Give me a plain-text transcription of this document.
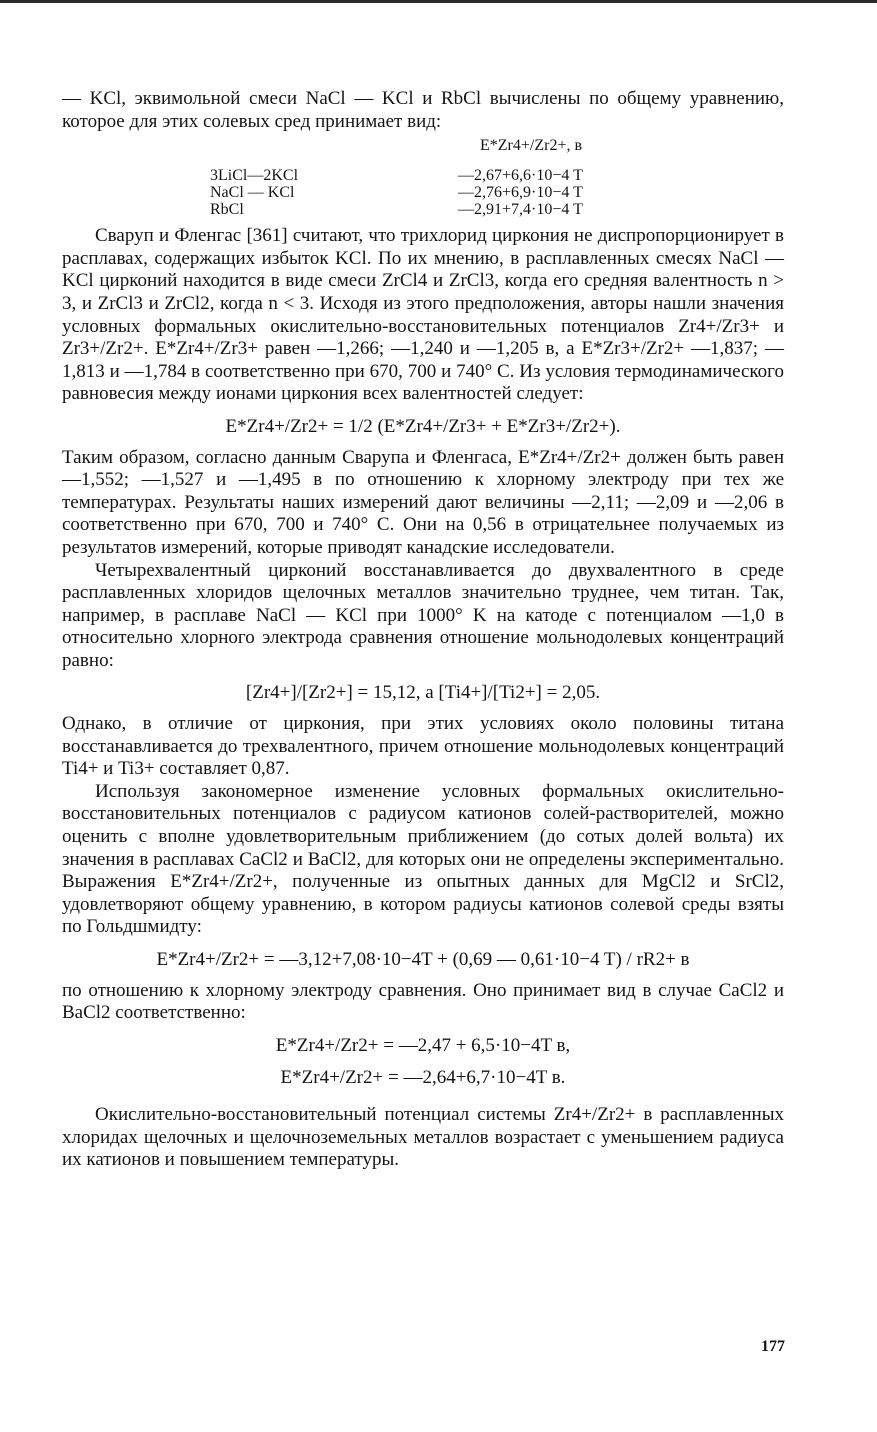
— KCl, эквимольной смеси NaCl — KCl и RbCl вычислены по общему уравнению, которое для этих солевых сред принимает вид:

E*Zr4+/Zr2+, в
3LiCl—2KCl	—2,67+6,6·10−4 T
NaCl — KCl	—2,76+6,9·10−4 T
RbCl	—2,91+7,4·10−4 T

Сваруп и Фленгас [361] считают, что трихлорид циркония не диспропорционирует в расплавах, содержащих избыток KCl. По их мнению, в расплавленных смесях NaCl — KCl цирконий находится в виде смеси ZrCl4 и ZrCl3, когда его средняя валентность n > 3, и ZrCl3 и ZrCl2, когда n < 3. Исходя из этого предположения, авторы нашли значения условных формальных окислительно-восстановительных потенциалов Zr4+/Zr3+ и Zr3+/Zr2+. E*Zr4+/Zr3+ равен —1,266; —1,240 и —1,205 в, а E*Zr3+/Zr2+ —1,837; —1,813 и —1,784 в соответственно при 670, 700 и 740° C. Из условия термодинамического равновесия между ионами циркония всех валентностей следует:

E*Zr4+/Zr2+ = 1/2 (E*Zr4+/Zr3+ + E*Zr3+/Zr2+).

Таким образом, согласно данным Сварупа и Фленгаса, E*Zr4+/Zr2+ должен быть равен —1,552; —1,527 и —1,495 в по отношению к хлорному электроду при тех же температурах. Результаты наших измерений дают величины —2,11; —2,09 и —2,06 в соответственно при 670, 700 и 740° C. Они на 0,56 в отрицательнее получаемых из результатов измерений, которые приводят канадские исследователи.

Четырехвалентный цирконий восстанавливается до двухвалентного в среде расплавленных хлоридов щелочных металлов значительно труднее, чем титан. Так, например, в расплаве NaCl — KCl при 1000° K на катоде с потенциалом —1,0 в относительно хлорного электрода сравнения отношение мольнодолевых концентраций равно:

[Zr4+]/[Zr2+] = 15,12, а [Ti4+]/[Ti2+] = 2,05.

Однако, в отличие от циркония, при этих условиях около половины титана восстанавливается до трехвалентного, причем отношение мольнодолевых концентраций Ti4+ и Ti3+ составляет 0,87.

Используя закономерное изменение условных формальных окислительно-восстановительных потенциалов с радиусом катионов солей-растворителей, можно оценить с вполне удовлетворительным приближением (до сотых долей вольта) их значения в расплавах CaCl2 и BaCl2, для которых они не определены экспериментально. Выражения E*Zr4+/Zr2+, полученные из опытных данных для MgCl2 и SrCl2, удовлетворяют общему уравнению, в котором радиусы катионов солевой среды взяты по Гольдшмидту:

E*Zr4+/Zr2+ = —3,12+7,08·10−4T + (0,69 — 0,61·10−4 T) / rR2+ в

по отношению к хлорному электроду сравнения. Оно принимает вид в случае CaCl2 и BaCl2 соответственно:

E*Zr4+/Zr2+ = —2,47 + 6,5·10−4T в,
E*Zr4+/Zr2+ = —2,64+6,7·10−4T в.

Окислительно-восстановительный потенциал системы Zr4+/Zr2+ в расплавленных хлоридах щелочных и щелочноземельных металлов возрастает с уменьшением радиуса их катионов и повышением температуры.

177
